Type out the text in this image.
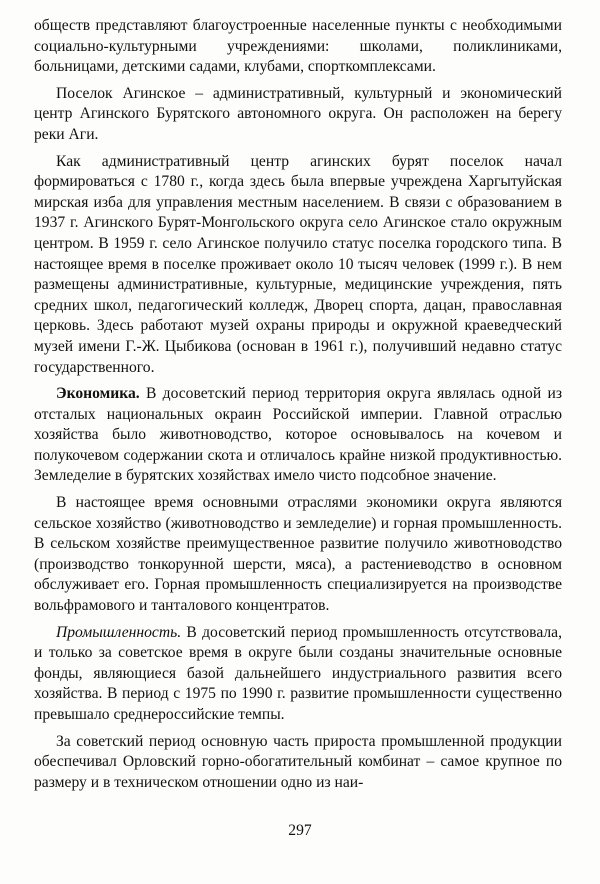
обществ представляют благоустроенные населенные пункты с необходимыми социально-культурными учреждениями: школами, поликлиниками, больницами, детскими садами, клубами, спорткомплексами.

Поселок Агинское – административный, культурный и экономический центр Агинского Бурятского автономного округа. Он расположен на берегу реки Аги.

Как административный центр агинских бурят поселок начал формироваться с 1780 г., когда здесь была впервые учреждена Харгытуйская мирская изба для управления местным населением. В связи с образованием в 1937 г. Агинского Бурят-Монгольского округа село Агинское стало окружным центром. В 1959 г. село Агинское получило статус поселка городского типа. В настоящее время в поселке проживает около 10 тысяч человек (1999 г.). В нем размещены административные, культурные, медицинские учреждения, пять средних школ, педагогический колледж, Дворец спорта, дацан, православная церковь. Здесь работают музей охраны природы и окружной краеведческий музей имени Г.-Ж. Цыбикова (основан в 1961 г.), получивший недавно статус государственного.

Экономика. В досоветский период территория округа являлась одной из отсталых национальных окраин Российской империи. Главной отраслью хозяйства было животноводство, которое основывалось на кочевом и полукочевом содержании скота и отличалось крайне низкой продуктивностью. Земледелие в бурятских хозяйствах имело чисто подсобное значение.

В настоящее время основными отраслями экономики округа являются сельское хозяйство (животноводство и земледелие) и горная промышленность. В сельском хозяйстве преимущественное развитие получило животноводство (производство тонкорунной шерсти, мяса), а растениеводство в основном обслуживает его. Горная промышленность специализируется на производстве вольфрамового и танталового концентратов.

Промышленность. В досоветский период промышленность отсутствовала, и только за советское время в округе были созданы значительные основные фонды, являющиеся базой дальнейшего индустриального развития всего хозяйства. В период с 1975 по 1990 г. развитие промышленности существенно превышало среднероссийские темпы.

За советский период основную часть прироста промышленной продукции обеспечивал Орловский горно-обогатительный комбинат – самое крупное по размеру и в техническом отношении одно из наи-

297
